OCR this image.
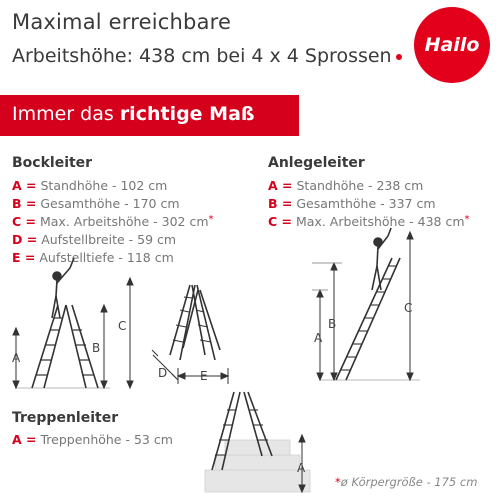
Maximal erreichbare
Arbeitshöhe: 438 cm bei 4 x 4 Sprossen	Hailo
Immer das richtige Maß
Bockleiter
A = Standhöhe - 102 cm
B = Gesamthöhe - 170 cm
C = Max. Arbeitshöhe - 302 cm*
D = Aufstellbreite - 59 cm
E = Aufstelltiefe - 118 cm
Anlegeleiter
A = Standhöhe - 238 cm
B = Gesamthöhe - 337 cm
C = Max. Arbeitshöhe - 438 cm*
Treppenleiter
A = Treppenhöhe - 53 cm
*ø Körpergröße - 175 cm
A
B
C
D	E
A
B
C
A
